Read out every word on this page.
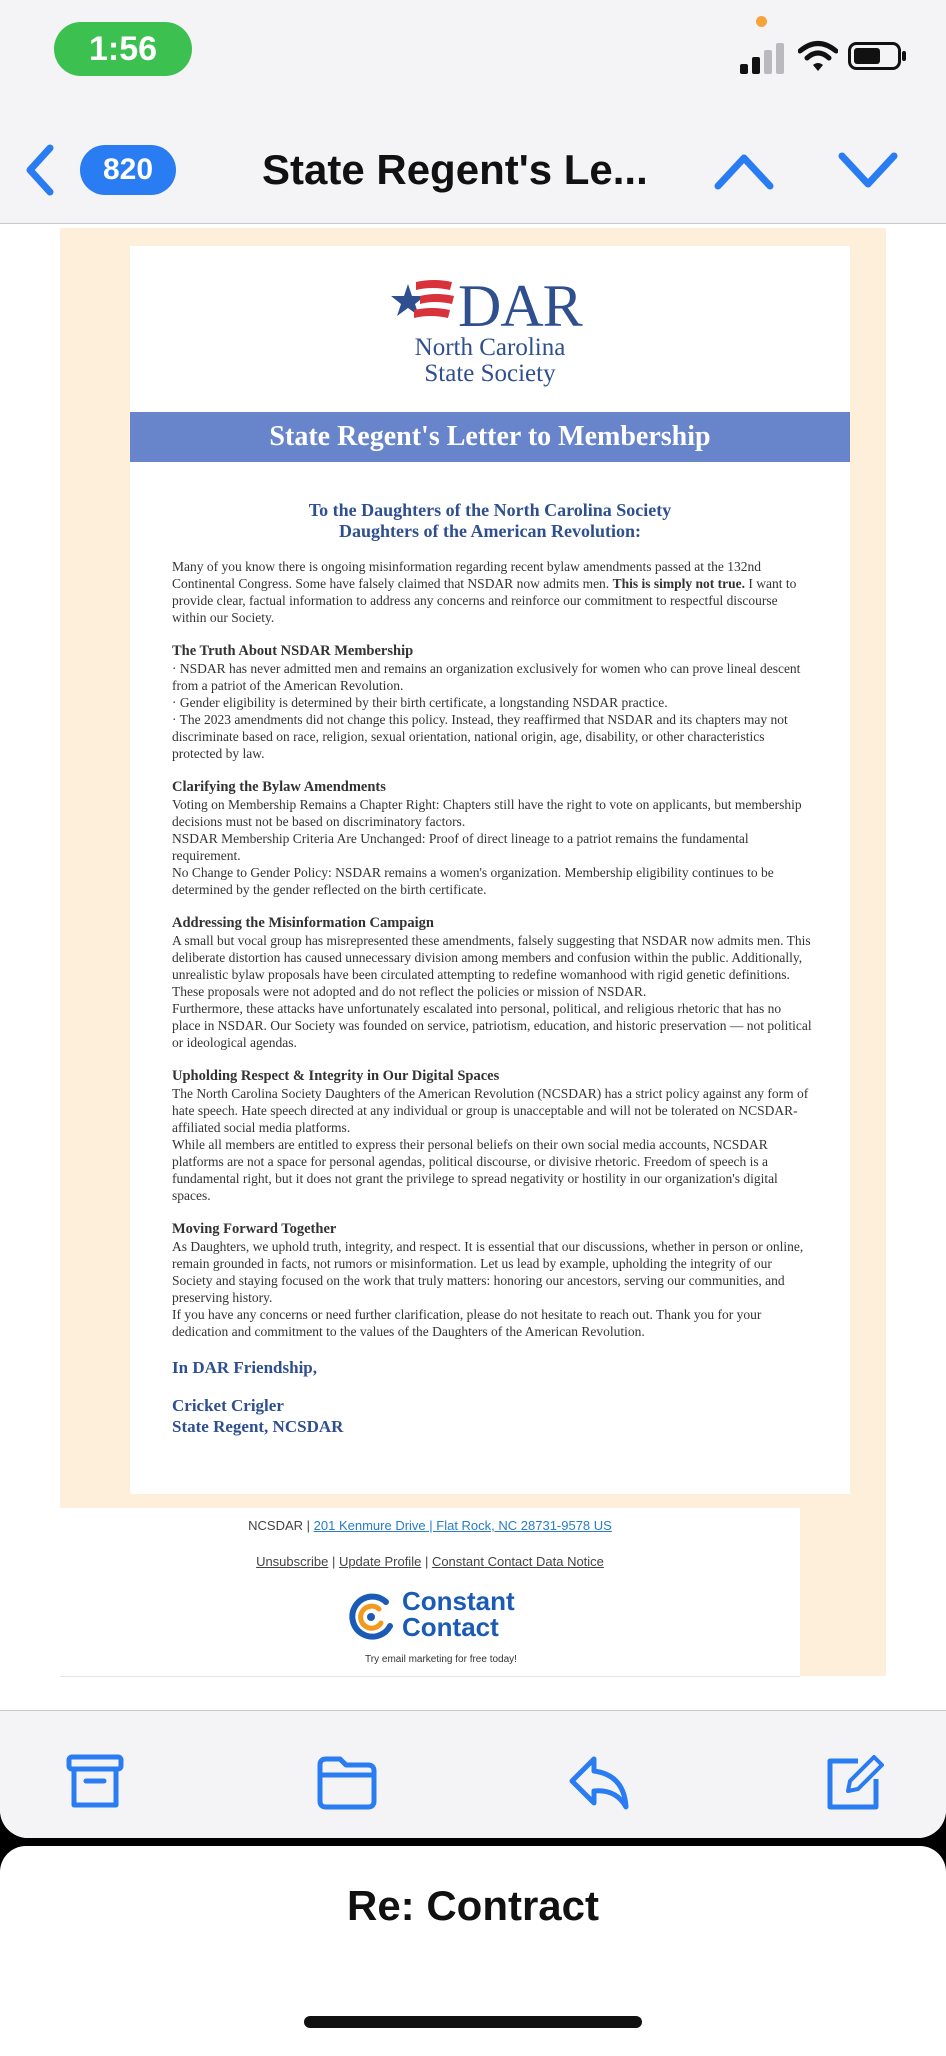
1:56
820	State Regent's Le...
DAR
North Carolina
State Society
State Regent's Letter to Membership
To the Daughters of the North Carolina Society
Daughters of the American Revolution:

Many of you know there is ongoing misinformation regarding recent bylaw amendments passed at the 132nd Continental Congress. Some have falsely claimed that NSDAR now admits men. This is simply not true. I want to provide clear, factual information to address any concerns and reinforce our commitment to respectful discourse within our Society.

The Truth About NSDAR Membership

· NSDAR has never admitted men and remains an organization exclusively for women who can prove lineal descent from a patriot of the American Revolution.

· Gender eligibility is determined by their birth certificate, a longstanding NSDAR practice.

· The 2023 amendments did not change this policy. Instead, they reaffirmed that NSDAR and its chapters may not discriminate based on race, religion, sexual orientation, national origin, age, disability, or other characteristics protected by law.

Clarifying the Bylaw Amendments

Voting on Membership Remains a Chapter Right: Chapters still have the right to vote on applicants, but membership decisions must not be based on discriminatory factors.

NSDAR Membership Criteria Are Unchanged: Proof of direct lineage to a patriot remains the fundamental requirement.

No Change to Gender Policy: NSDAR remains a women's organization. Membership eligibility continues to be determined by the gender reflected on the birth certificate.

Addressing the Misinformation Campaign

A small but vocal group has misrepresented these amendments, falsely suggesting that NSDAR now admits men. This deliberate distortion has caused unnecessary division among members and confusion within the public. Additionally, unrealistic bylaw proposals have been circulated attempting to redefine womanhood with rigid genetic definitions. These proposals were not adopted and do not reflect the policies or mission of NSDAR.

Furthermore, these attacks have unfortunately escalated into personal, political, and religious rhetoric that has no place in NSDAR. Our Society was founded on service, patriotism, education, and historic preservation — not political or ideological agendas.

Upholding Respect & Integrity in Our Digital Spaces

The North Carolina Society Daughters of the American Revolution (NCSDAR) has a strict policy against any form of hate speech. Hate speech directed at any individual or group is unacceptable and will not be tolerated on NCSDAR-affiliated social media platforms.

While all members are entitled to express their personal beliefs on their own social media accounts, NCSDAR platforms are not a space for personal agendas, political discourse, or divisive rhetoric. Freedom of speech is a fundamental right, but it does not grant the privilege to spread negativity or hostility in our organization's digital spaces.

Moving Forward Together

As Daughters, we uphold truth, integrity, and respect. It is essential that our discussions, whether in person or online, remain grounded in facts, not rumors or misinformation. Let us lead by example, upholding the integrity of our Society and staying focused on the work that truly matters: honoring our ancestors, serving our communities, and preserving history.

If you have any concerns or need further clarification, please do not hesitate to reach out. Thank you for your dedication and commitment to the values of the Daughters of the American Revolution.

In DAR Friendship,
Cricket Crigler
State Regent, NCSDAR
NCSDAR | 201 Kenmure Drive | Flat Rock, NC 28731-9578 US
Unsubscribe | Update Profile | Constant Contact Data Notice
Constant
Contact
Try email marketing for free today!
Re: Contract
